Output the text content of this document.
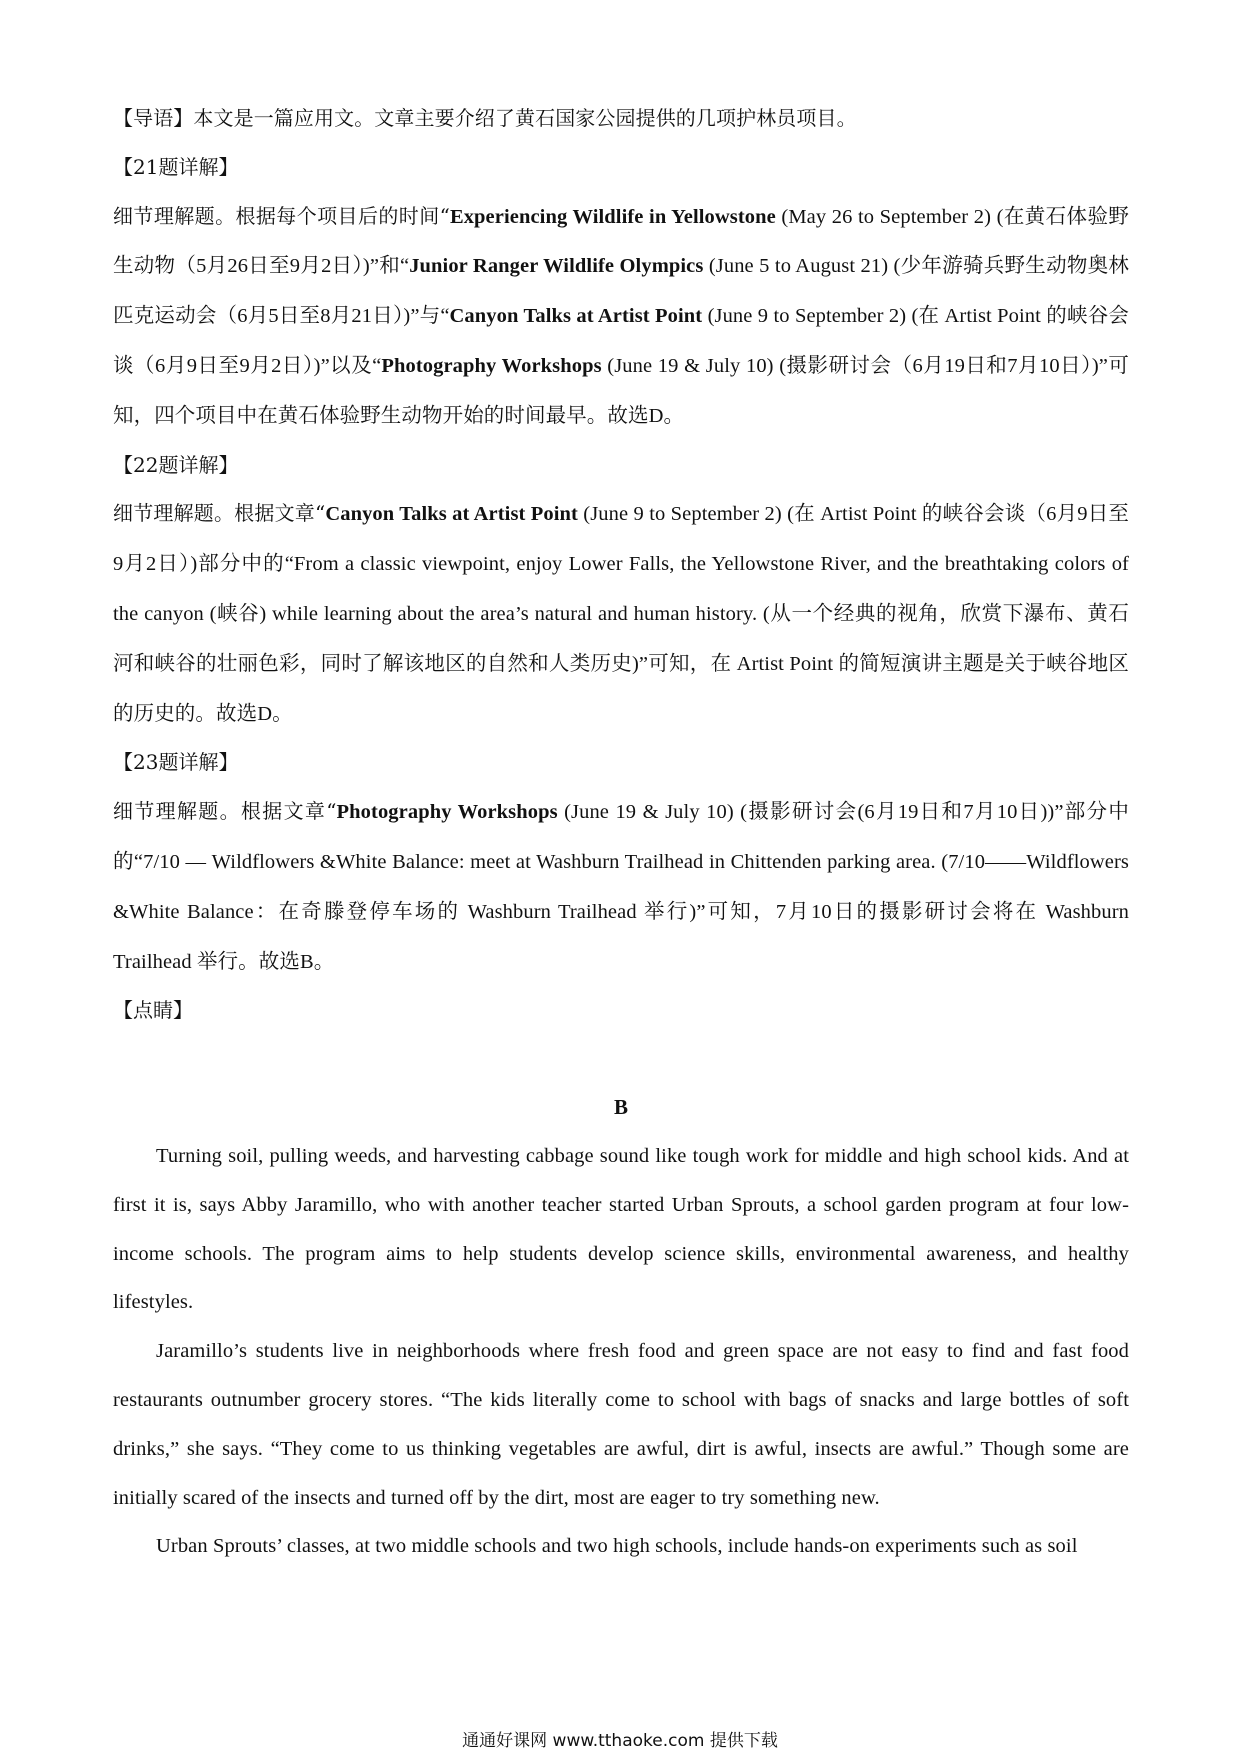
【导语】本文是一篇应用文。文章主要介绍了黄石国家公园提供的几项护林员项目。

【21题详解】

细节理解题。根据每个项目后的时间“Experiencing Wildlife in Yellowstone (May 26 to September 2) (在黄石体验野生动物（5月26日至9月2日）)”和“Junior Ranger Wildlife Olympics (June 5 to August 21) (少年游骑兵野生动物奥林匹克运动会（6月5日至8月21日）)”与“Canyon Talks at Artist Point (June 9 to September 2) (在 Artist Point 的峡谷会谈（6月9日至9月2日）)”以及“Photography Workshops (June 19 & July 10) (摄影研讨会（6月19日和7月10日）)”可知，四个项目中在黄石体验野生动物开始的时间最早。故选D。

【22题详解】

细节理解题。根据文章“Canyon Talks at Artist Point (June 9 to September 2) (在 Artist Point 的峡谷会谈（6月9日至9月2日）)部分中的“From a classic viewpoint, enjoy Lower Falls, the Yellowstone River, and the breathtaking colors of the canyon (峡谷) while learning about the area’s natural and human history. (从一个经典的视角，欣赏下瀑布、黄石河和峡谷的壮丽色彩，同时了解该地区的自然和人类历史)”可知，在 Artist Point 的简短演讲主题是关于峡谷地区的历史的。故选D。

【23题详解】

细节理解题。根据文章“Photography Workshops (June 19 & July 10) (摄影研讨会(6月19日和7月10日))”部分中的“7/10 — Wildflowers &White Balance: meet at Washburn Trailhead in Chittenden parking area. (7/10——Wildflowers &White Balance：在奇滕登停车场的 Washburn Trailhead 举行)”可知，7月10日的摄影研讨会将在 Washburn Trailhead 举行。故选B。

【点睛】

B

Turning soil, pulling weeds, and harvesting cabbage sound like tough work for middle and high school kids. And at first it is, says Abby Jaramillo, who with another teacher started Urban Sprouts, a school garden program at four low-income schools. The program aims to help students develop science skills, environmental awareness, and healthy lifestyles.

Jaramillo’s students live in neighborhoods where fresh food and green space are not easy to find and fast food restaurants outnumber grocery stores. “The kids literally come to school with bags of snacks and large bottles of soft drinks,” she says. “They come to us thinking vegetables are awful, dirt is awful, insects are awful.” Though some are initially scared of the insects and turned off by the dirt, most are eager to try something new.

Urban Sprouts’ classes, at two middle schools and two high schools, include hands-on experiments such as soil

通通好课网 www.tthaoke.com 提供下载
